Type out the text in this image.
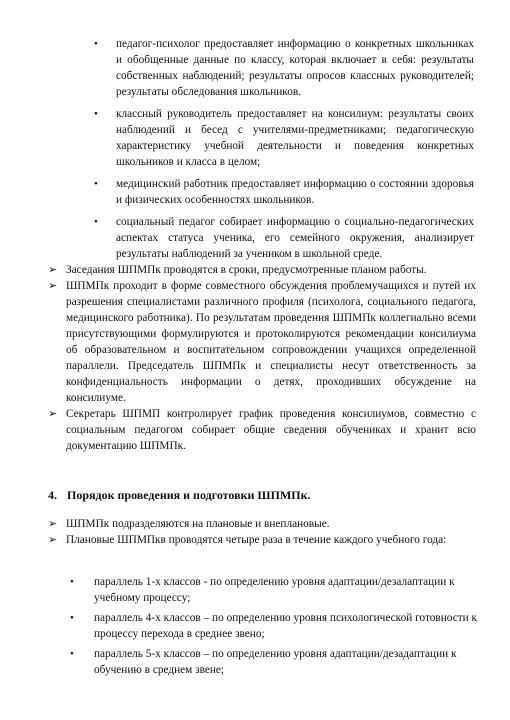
• педагог-психолог предоставляет информацию о конкретных школьниках и обобщенные данные по классу, которая включает в себя: результаты собственных наблюдений; результаты опросов классных руководителей; результаты обследования школьников.
• классный руководитель предоставляет на консилиум: результаты своих наблюдений и бесед с учителями-предметниками; педагогическую характеристику учебной деятельности и поведения конкретных школьников и класса в целом;
• медицинский работник предоставляет информацию о состоянии здоровья и физических особенностях школьников.
• социальный педагог собирает информацию о социально-педагогических аспектах статуса ученика, его семейного окружения, анализирует результаты наблюдений за учеником в школьной среде.
➢ Заседания ШПМПк проводятся в сроки, предусмотренные планом работы.
➢ ШПМПк проходит в форме совместного обсуждения проблемучащихся и путей их разрешения специалистами различного профиля (психолога, социального педагога, медицинского работника). По результатам проведения ШПМПк коллегиально всеми присутствующими формулируются и протоколируются рекомендации консилиума об образовательном и воспитательном сопровождении учащихся определенной параллели. Председатель ШПМПк и специалисты несут ответственность за конфиденциальность информации о детях, проходивших обсуждение на консилиуме.
➢ Секретарь ШПМП контролирует график проведения консилиумов, совместно с социальным педагогом собирает общие сведения обучениках и хранит всю документацию ШПМПк.
4. Порядок проведения и подготовки ШПМПк.
➢ ШПМПк подразделяются на плановые и внеплановые.
➢ Плановые ШПМПкв проводятся четыре раза в течение каждого учебного года:
• параллель 1-х классов - по определению уровня адаптации/дезалаптации к учебному процессу;
• параллель 4-х классов – по определению уровня психологической готовности к процессу перехода в среднее звено;
• параллель 5-х классов – по определению уровня адаптации/дезадаптации к обучению в среднем звене;
